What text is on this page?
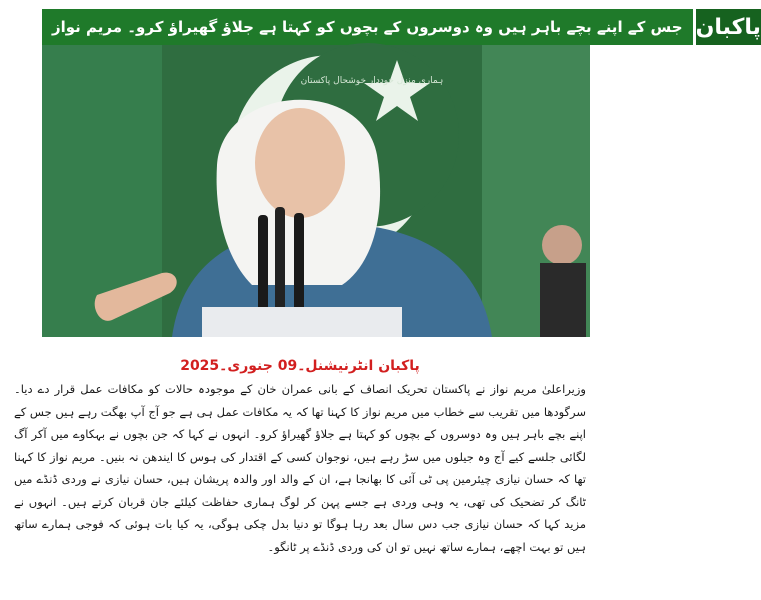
جس کے اپنے بچے باہر ہیں وہ دوسروں کے بچوں کو کہتا ہے جلاؤ گھیراؤ کرو۔ مریم نواز پاکبان
ہماری منزل خوددار خوشحال پاکستان
پاکبان انٹرنیشنل۔09 جنوری۔2025
وزیراعلیٰ مریم نواز نے پاکستان تحریک انصاف کے بانی عمران خان کے موجودہ حالات کو مکافات عمل قرار دے دیا۔ سرگودھا میں تقریب سے خطاب میں مریم نواز کا کہنا تھا کہ یہ مکافات عمل ہی ہے جو آج آپ بھگت رہے ہیں جس کے اپنے بچے باہر ہیں وہ دوسروں کے بچوں کو کہتا ہے جلاؤ گھیراؤ کرو۔ انہوں نے کہا کہ جن بچوں نے بہکاوے میں آکر آگ لگائی جلسے کیے آج وہ جیلوں میں سڑ رہے ہیں، نوجوان کسی کے اقتدار کی ہوس کا ایندھن نہ بنیں۔ مریم نواز کا کہنا تھا کہ حسان نیازی چیئرمین پی ٹی آئی کا بھانجا ہے، ان کے والد اور والدہ پریشان ہیں، حسان نیازی نے وردی ڈنڈے میں ٹانگ کر تضحیک کی تھی، یہ وہی وردی ہے جسے پہن کر لوگ ہماری حفاظت کیلئے جان قربان کرتے ہیں۔ انہوں نے مزید کہا کہ حسان نیازی جب دس سال بعد رہا ہوگا تو دنیا بدل چکی ہوگی، یہ کیا بات ہوئی کہ فوجی ہمارے ساتھ ہیں تو بہت اچھے، ہمارے ساتھ نہیں تو ان کی وردی ڈنڈے پر ٹانگو۔
